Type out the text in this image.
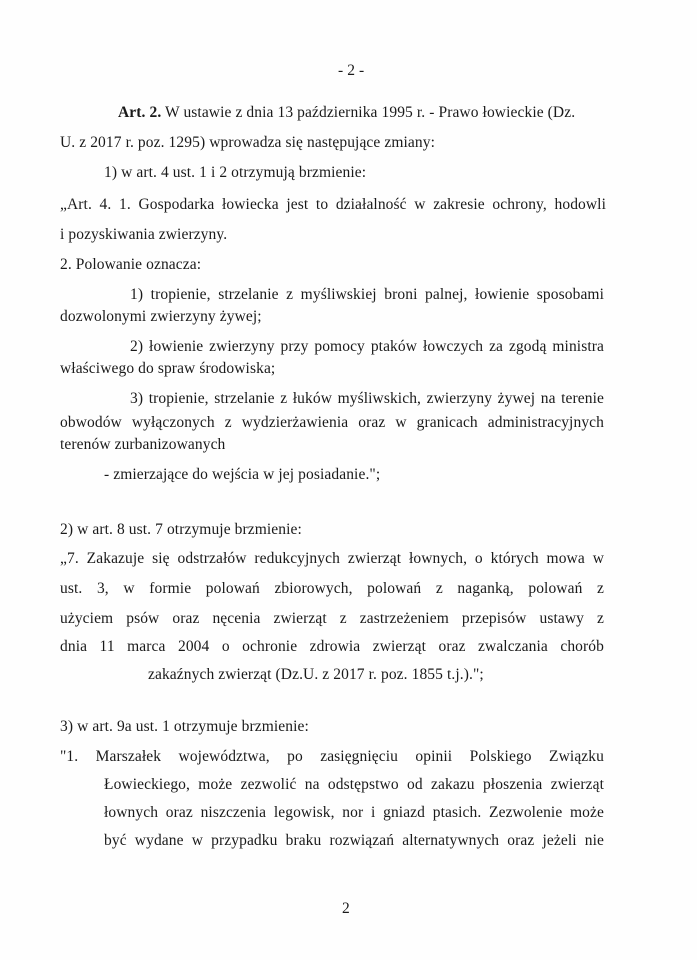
- 2 -
Art. 2. W ustawie z dnia 13 października 1995 r. - Prawo łowieckie (Dz.
U. z 2017 r. poz. 1295) wprowadza się następujące zmiany:
1) w art. 4 ust. 1 i 2 otrzymują brzmienie:
„Art. 4. 1. Gospodarka łowiecka jest to działalność w zakresie ochrony, hodowli
i pozyskiwania zwierzyny.
2. Polowanie oznacza:
1) tropienie, strzelanie z myśliwskiej broni palnej, łowienie sposobami
dozwolonymi zwierzyny żywej;
2) łowienie zwierzyny przy pomocy ptaków łowczych za zgodą ministra
właściwego do spraw środowiska;
3) tropienie, strzelanie z łuków myśliwskich, zwierzyny żywej na terenie
obwodów wyłączonych z wydzierżawienia oraz w granicach administracyjnych
terenów zurbanizowanych
- zmierzające do wejścia w jej posiadanie.";
2) w art. 8 ust. 7 otrzymuje brzmienie:
„7. Zakazuje się odstrzałów redukcyjnych zwierząt łownych, o których mowa w
ust. 3, w formie polowań zbiorowych, polowań z naganką, polowań z
użyciem psów oraz nęcenia zwierząt z zastrzeżeniem przepisów ustawy z
dnia 11 marca 2004 o ochronie zdrowia zwierząt oraz zwalczania chorób
zakaźnych zwierząt (Dz.U. z 2017 r. poz. 1855 t.j.).";
3) w art. 9a ust. 1 otrzymuje brzmienie:
"1. Marszałek województwa, po zasięgnięciu opinii Polskiego Związku
Łowieckiego, może zezwolić na odstępstwo od zakazu płoszenia zwierząt
łownych oraz niszczenia legowisk, nor i gniazd ptasich. Zezwolenie może
być wydane w przypadku braku rozwiązań alternatywnych oraz jeżeli nie
2
